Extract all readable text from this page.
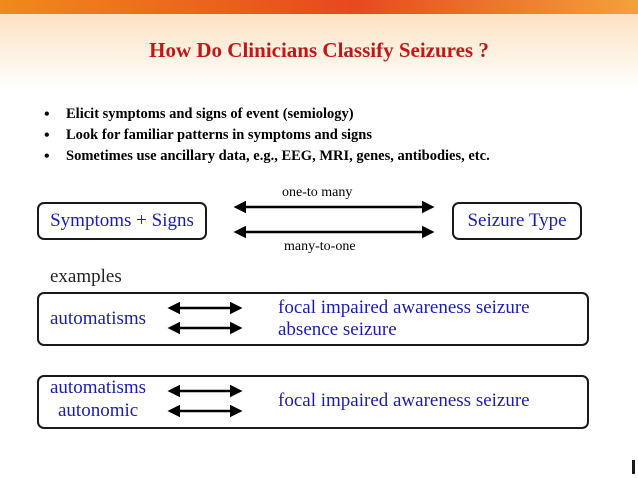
How Do Clinicians Classify Seizures ?
• Elicit symptoms and signs of event (semiology)
• Look for familiar patterns in symptoms and signs
• Sometimes use ancillary data, e.g., EEG, MRI, genes, antibodies, etc.
one-to many
Symptoms + Signs	Seizure Type
many-to-one
examples
automatisms
focal impaired awareness seizure
absence seizure
automatisms
autonomic	focal impaired awareness seizure
